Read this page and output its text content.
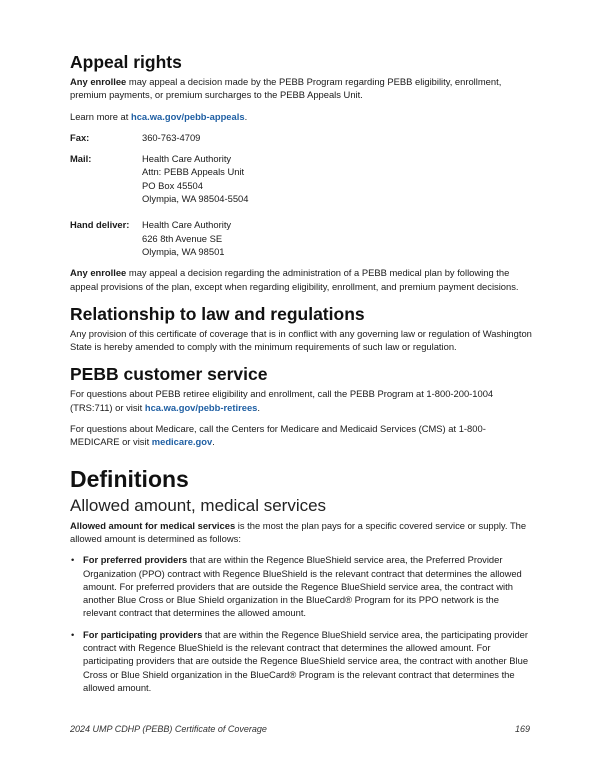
Appeal rights

Any enrollee may appeal a decision made by the PEBB Program regarding PEBB eligibility, enrollment, premium payments, or premium surcharges to the PEBB Appeals Unit.

Learn more at hca.wa.gov/pebb-appeals.

Fax:	360-763-4709
Mail:	Health Care Authority
Attn: PEBB Appeals Unit
PO Box 45504
Olympia, WA 98504-5504
Hand deliver:	Health Care Authority
626 8th Avenue SE
Olympia, WA 98501

Any enrollee may appeal a decision regarding the administration of a PEBB medical plan by following the appeal provisions of the plan, except when regarding eligibility, enrollment, and premium payment decisions.

Relationship to law and regulations

Any provision of this certificate of coverage that is in conflict with any governing law or regulation of Washington State is hereby amended to comply with the minimum requirements of such law or regulation.

PEBB customer service

For questions about PEBB retiree eligibility and enrollment, call the PEBB Program at 1-800-200-1004 (TRS:711) or visit hca.wa.gov/pebb-retirees.

For questions about Medicare, call the Centers for Medicare and Medicaid Services (CMS) at 1-800-MEDICARE or visit medicare.gov.

Definitions
Allowed amount, medical services

Allowed amount for medical services is the most the plan pays for a specific covered service or supply. The allowed amount is determined as follows:

• For preferred providers that are within the Regence BlueShield service area, the Preferred Provider Organization (PPO) contract with Regence BlueShield is the relevant contract that determines the allowed amount. For preferred providers that are outside the Regence BlueShield service area, the contract with another Blue Cross or Blue Shield organization in the BlueCard® Program for its PPO network is the relevant contract that determines the allowed amount.
• For participating providers that are within the Regence BlueShield service area, the participating provider contract with Regence BlueShield is the relevant contract that determines the allowed amount. For participating providers that are outside the Regence BlueShield service area, the contract with another Blue Cross or Blue Shield organization in the BlueCard® Program is the relevant contract that determines the allowed amount.
2024 UMP CDHP (PEBB) Certificate of Coverage	169
